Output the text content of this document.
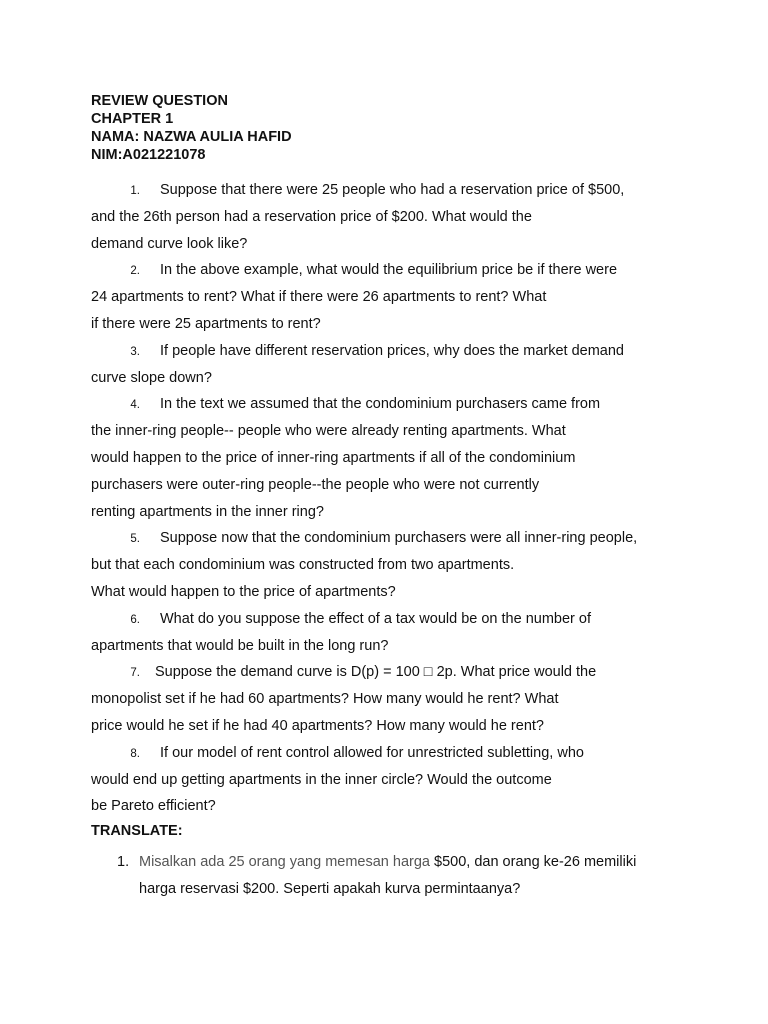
REVIEW QUESTION
CHAPTER 1
NAMA: NAZWA AULIA HAFID
NIM:A021221078
1. Suppose that there were 25 people who had a reservation price of $500,
and the 26th person had a reservation price of $200. What would the
demand curve look like?
2. In the above example, what would the equilibrium price be if there were
24 apartments to rent? What if there were 26 apartments to rent? What
if there were 25 apartments to rent?
3. If people have different reservation prices, why does the market demand
curve slope down?
4. In the text we assumed that the condominium purchasers came from
the inner-ring people-- people who were already renting apartments. What
would happen to the price of inner-ring apartments if all of the condominium
purchasers were outer-ring people--the people who were not currently
renting apartments in the inner ring?
5. Suppose now that the condominium purchasers were all inner-ring people,
but that each condominium was constructed from two apartments.
What would happen to the price of apartments?
6. What do you suppose the effect of a tax would be on the number of
apartments that would be built in the long run?
7. Suppose the demand curve is D(p) = 100 □ 2p. What price would the
monopolist set if he had 60 apartments? How many would he rent? What
price would he set if he had 40 apartments? How many would he rent?
8. If our model of rent control allowed for unrestricted subletting, who
would end up getting apartments in the inner circle? Would the outcome
be Pareto efficient?
TRANSLATE:
1. Misalkan ada 25 orang yang memesan harga $500, dan orang ke-26 memiliki
harga reservasi $200. Seperti apakah kurva permintaanya?
